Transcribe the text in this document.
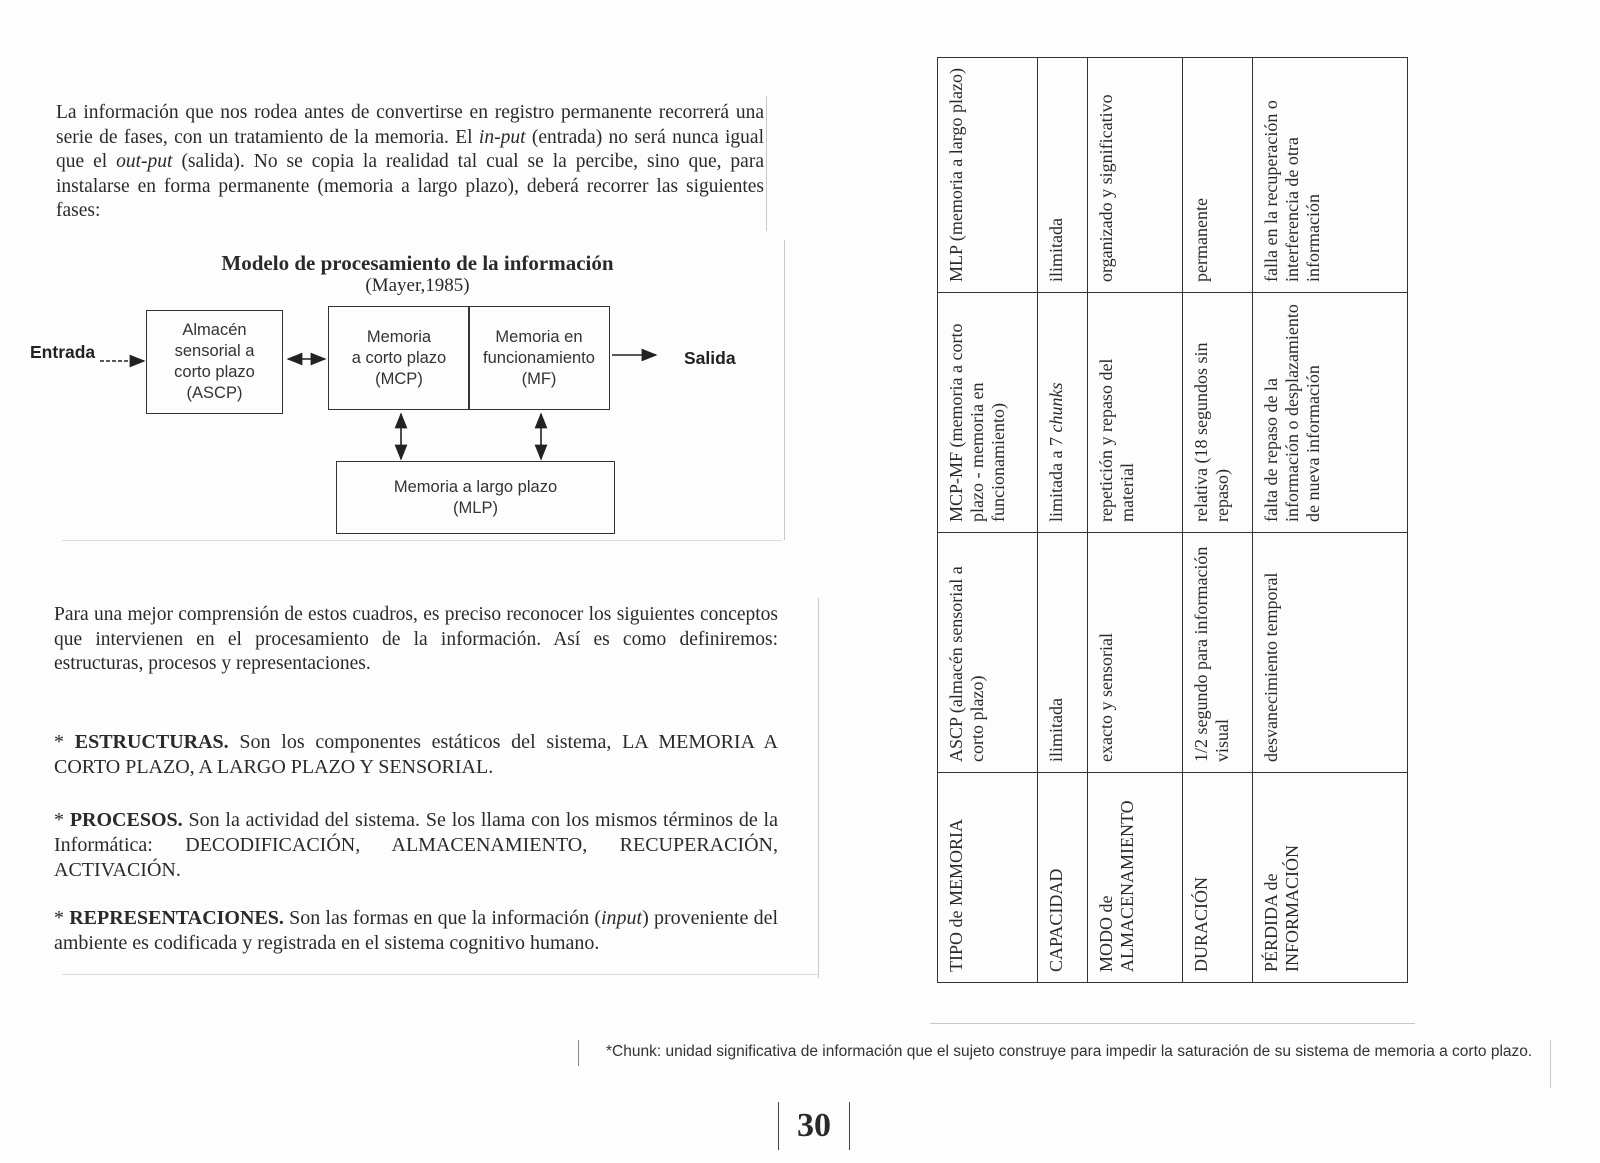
La información que nos rodea antes de convertirse en registro permanente recorrerá una serie de fases, con un tratamiento de la memoria. El in-put (entrada) no será nunca igual que el out-put (salida). No se copia la realidad tal cual se la percibe, sino que, para instalarse en forma permanente (memoria a largo plazo), deberá recorrer las siguientes fases:
Modelo de procesamiento de la información
(Mayer,1985)
Entrada
Almacén
sensorial a
corto plazo
(ASCP)
Memoria
a corto plazo
(MCP)
Memoria en
funcionamiento
(MF)
Memoria a largo plazo
(MLP)
Salida
Para una mejor comprensión de estos cuadros, es preciso reconocer los siguientes conceptos que intervienen en el procesamiento de la información. Así es como definiremos: estructuras, procesos y representaciones.
* ESTRUCTURAS. Son los componentes estáticos del sistema, LA MEMORIA A CORTO PLAZO, A LARGO PLAZO Y SENSORIAL.
* PROCESOS. Son la actividad del sistema. Se los llama con los mismos términos de la Informática: DECODIFICACIÓN, ALMACENAMIENTO, RECUPERACIÓN, ACTIVACIÓN.
* REPRESENTACIONES. Son las formas en que la información (input) proveniente del ambiente es codificada y registrada en el sistema cognitivo humano.	TIPO de MEMORIA	ASCP (almacén sensorial a corto plazo)	MCP-MF (memoria a corto plazo - memoria en funcionamiento)	MLP (memoria a largo plazo)
CAPACIDAD	ilimitada	limitada a 7 chunks	ilimitada
MODO de ALMACENAMIENTO	exacto y sensorial	repetición y repaso del material	organizado y significativo
DURACIÓN	1/2 segundo para información visual	relativa (18 segundos sin repaso)	permanente
PÉRDIDA de INFORMACIÓN	desvanecimiento temporal	falta de repaso de la información o desplazamiento de nueva información	falla en la recuperación o interferencia de otra información
*Chunk: unidad significativa de información que el sujeto construye para impedir la saturación de su sistema de memoria a corto plazo.
30
